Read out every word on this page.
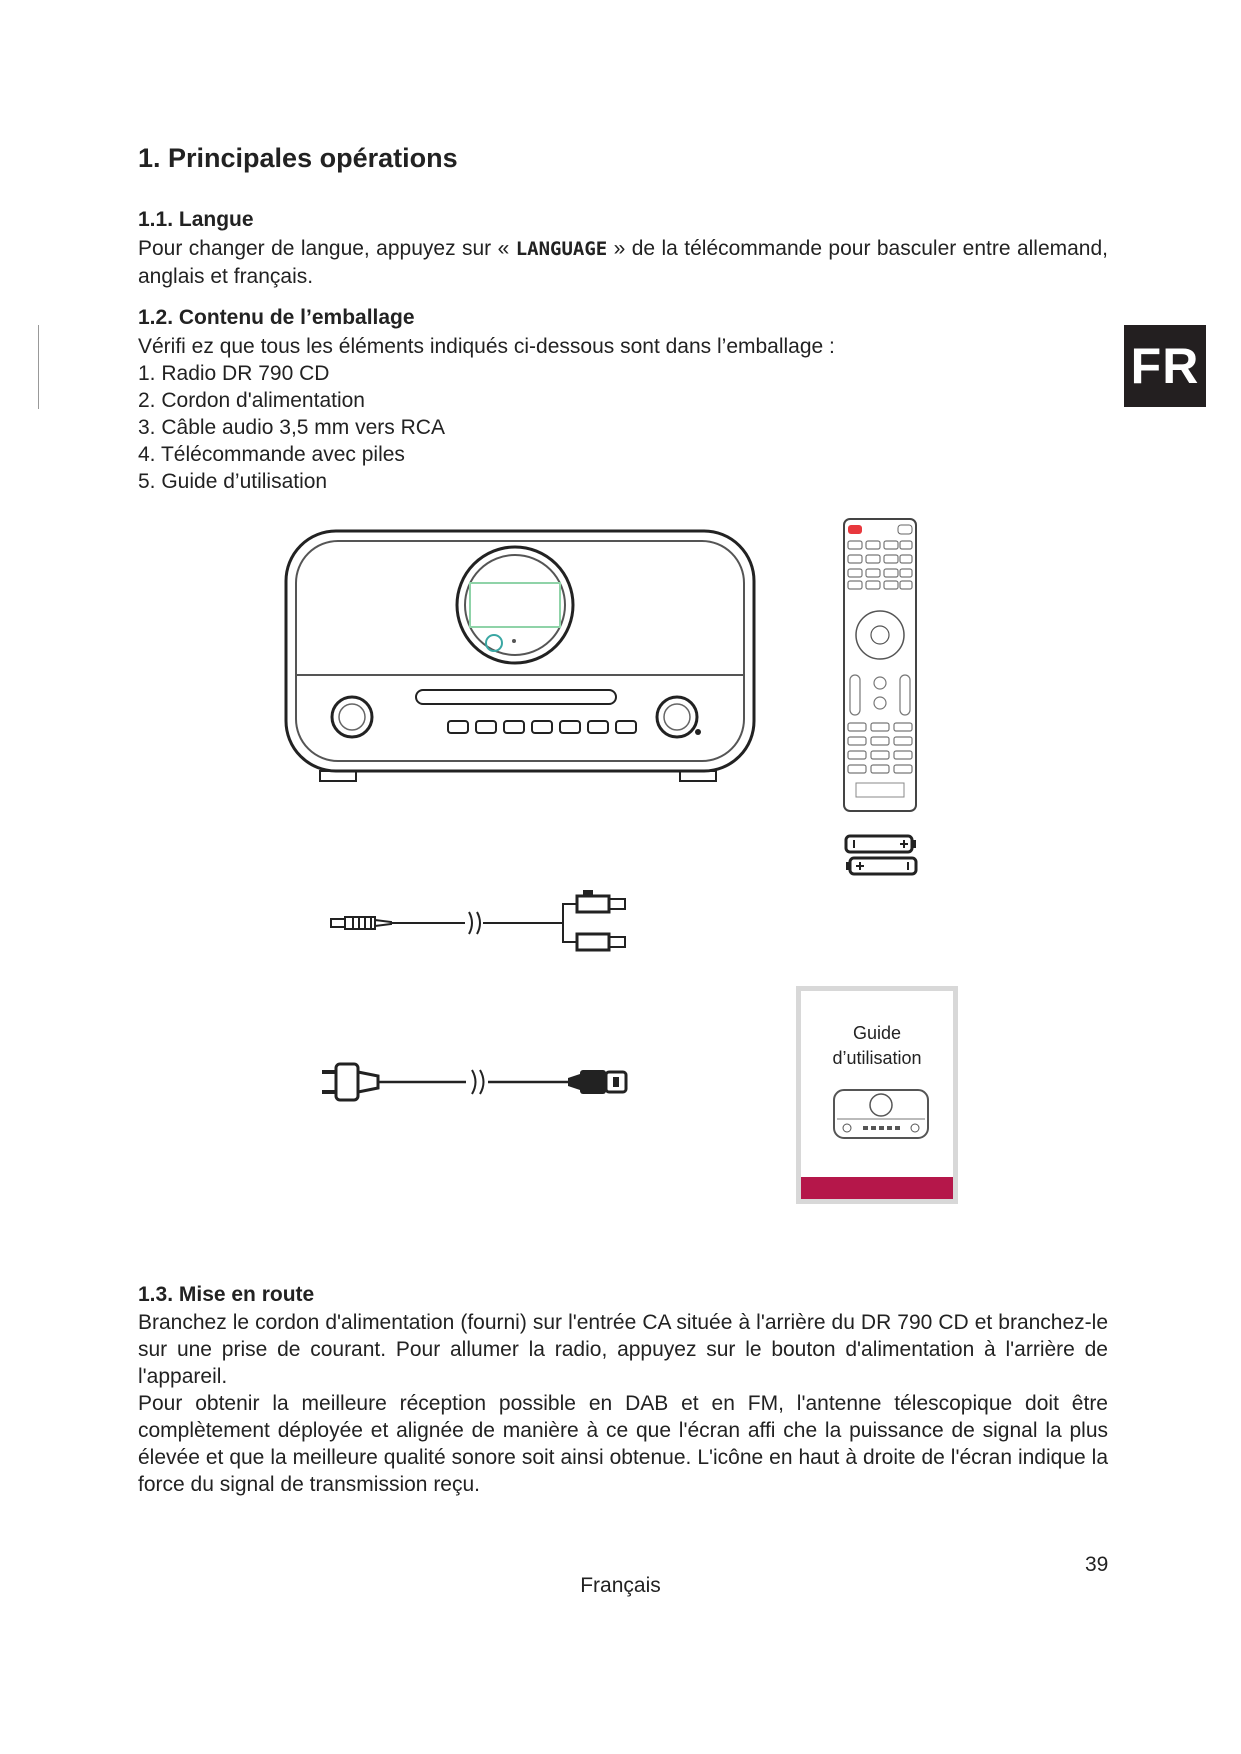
FR
1. Principales opérations
1.1. Langue
Pour changer de langue, appuyez sur « LANGUAGE » de la télécommande pour basculer entre allemand, anglais et français.
1.2. Contenu de l’emballage
Vérifi ez que tous les éléments indiqués ci-dessous sont dans l’emballage :
1. Radio DR 790 CD
2. Cordon d'alimentation
3. Câble audio 3,5 mm vers RCA
4. Télécommande avec piles
5. Guide d’utilisation
Guide
d’utilisation
1.3. Mise en route
Branchez le cordon d'alimentation (fourni) sur l'entrée CA située à l'arrière du DR 790 CD et branchez-le sur une prise de courant. Pour allumer la radio, appuyez sur le bouton d'alimentation à l'arrière de l'appareil.
Pour obtenir la meilleure réception possible en DAB et en FM, l'antenne télescopique doit être complètement déployée et alignée de manière à ce que l'écran affi che la puissance de signal la plus élevée et que la meilleure qualité sonore soit ainsi obtenue. L'icône en haut à droite de l'écran indique la force du signal de transmission reçu.
39
Français
